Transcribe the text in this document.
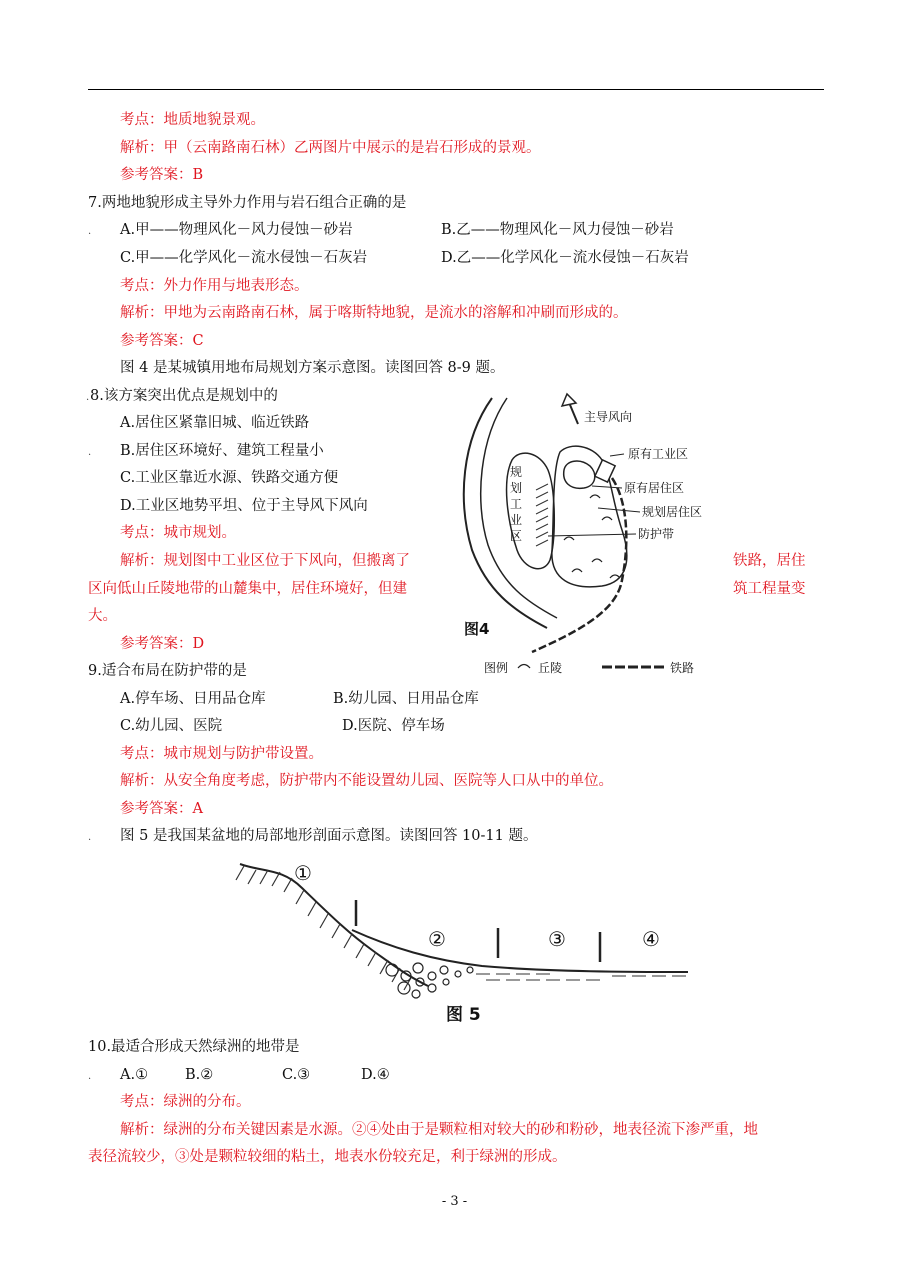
考点：地质地貌景观。
解析：甲（云南路南石林）乙两图片中展示的是岩石形成的景观。
参考答案：B
7.两地地貌形成主导外力作用与岩石组合正确的是
. A.甲——物理风化－风力侵蚀－砂岩	B.乙——物理风化－风力侵蚀－砂岩
C.甲——化学风化－流水侵蚀－石灰岩	D.乙——化学风化－流水侵蚀－石灰岩
考点：外力作用与地表形态。
解析：甲地为云南路南石林，属于喀斯特地貌，是流水的溶解和冲刷而形成的。
参考答案：C
图 4 是某城镇用地布局规划方案示意图。读图回答 8-9 题。
. 8.该方案突出优点是规划中的
A.居住区紧靠旧城、临近铁路
. B.居住区环境好、建筑工程量小
C.工业区靠近水源、铁路交通方便
D.工业区地势平坦、位于主导风下风向
考点：城市规划。
解析：规划图中工业区位于下风向，但搬离了	铁路，居住
区向低山丘陵地带的山麓集中，居住环境好，但建	筑工程量变
大。
参考答案：D
主导风向
规
划
工
业
区
原有工业区
原有居住区
规划居住区
防护带
图4
图例 丘陵	铁路
9.适合布局在防护带的是
A.停车场、日用品仓库	B.幼儿园、日用品仓库
C.幼儿园、医院	D.医院、停车场
考点：城市规划与防护带设置。
解析：从安全角度考虑，防护带内不能设置幼儿园、医院等人口从中的单位。
参考答案：A
. 图 5 是我国某盆地的局部地形剖面示意图。读图回答 10-11 题。
①
②	③	④
图 5
10.最适合形成天然绿洲的地带是
. A.①	B.②	C.③	D.④
考点：绿洲的分布。
解析：绿洲的分布关键因素是水源。②④处由于是颗粒相对较大的砂和粉砂，地表径流下渗严重，地
表径流较少，③处是颗粒较细的粘土，地表水份较充足，利于绿洲的形成。
- 3 -
